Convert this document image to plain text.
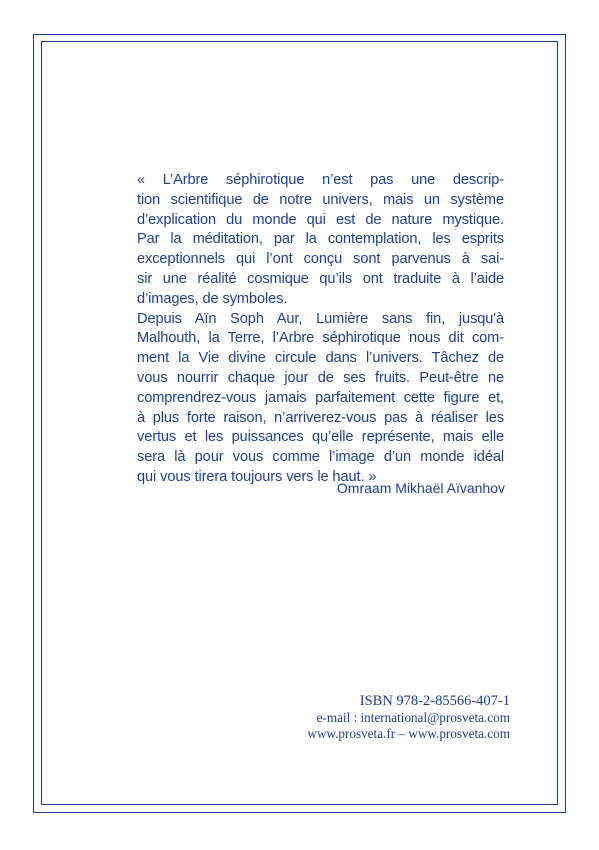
« L’Arbre séphirotique n’est pas une descrip-
tion scientifique de notre univers, mais un système
d’explication du monde qui est de nature mystique.
Par la méditation, par la contemplation, les esprits
exceptionnels qui l’ont conçu sont parvenus à sai-
sir une réalité cosmique qu’ils ont traduite à l’aide
d’images, de symboles.

Depuis Aïn Soph Aur, Lumière sans fin, jusqu'à
Malhouth, la Terre, l’Arbre séphirotique nous dit com-
ment la Vie divine circule dans l’univers. Tâchez de
vous nourrir chaque jour de ses fruits. Peut-être ne
comprendrez-vous jamais parfaitement cette figure et,
à plus forte raison, n’arriverez-vous pas à réaliser les
vertus et les puissances qu’elle représente, mais elle
sera là pour vous comme l’image d’un monde idéal
qui vous tirera toujours vers le haut. »

Omraam Mikhaël Aïvanhov
ISBN 978-2-85566-407-1
e-mail : international@prosveta.com
www.prosveta.fr – www.prosveta.com
